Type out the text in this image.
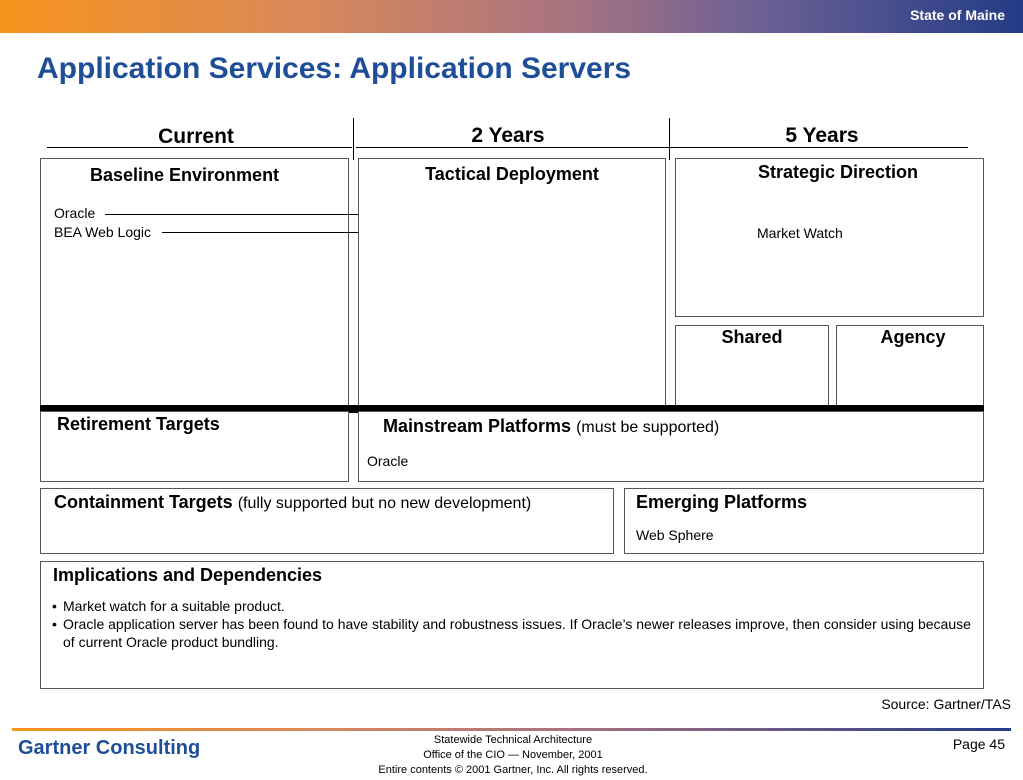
State of Maine
Application Services: Application Servers
Current	2 Years	5 Years
Baseline Environment
Oracle
BEA Web Logic
Tactical Deployment	Strategic Direction
Market Watch
Shared	Agency
Retirement Targets	Mainstream Platforms (must be supported)
Oracle
Containment Targets (fully supported but no new development)	Emerging Platforms
Web Sphere
Implications and Dependencies
• Market watch for a suitable product.
• Oracle application server has been found to have stability and robustness issues. If Oracle’s newer releases improve, then consider using because of current Oracle product bundling.
Source: Gartner/TAS
Gartner Consulting	Statewide Technical Architecture
Office of the CIO — November, 2001
Entire contents © 2001 Gartner, Inc. All rights reserved.
Page 45
